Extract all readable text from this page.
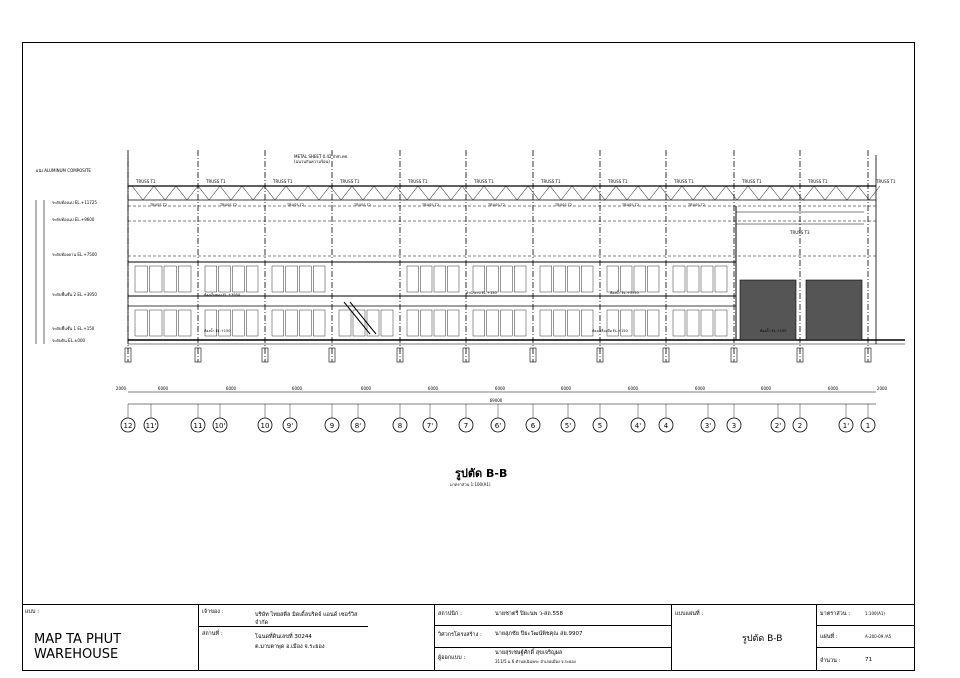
TRUSS T1	TRUSS T1	TRUSS T1	TRUSS T1	TRUSS T1	TRUSS T1	TRUSS T1	TRUSS T1	TRUSS T1	TRUSS T1	TRUSS T1	TRUSS T1
TRUSS T2	TRUSS T2	TRUSS T2	TRUSS T2	TRUSS T2	TRUSS T2	TRUSS T2	TRUSS T2	TRUSS T2
12 11'	11 10'	10 9'	9	8'	8	7'	7	6'	6	5'	5	4'	4	3'	3	2' 2	1' 1
METAL SHEET 0.42 mm.ทช.
(ฉนวนกันความร้อน)
ผนัง ALUMINUM COMPOSITE
TRUSS T3
ระดับท้องแป EL.+11725
ระดับท้องแป EL.+9600
ระดับท้องคาน EL.+7500
ระดับพื้นชั้น 2 EL.+3950
ระดับพื้นชั้น 1 EL.+150
ระดับดิน EL.±000
ห้องเก็บของ EL.+3950
ห้องน้ำ EL.+150
สำนักงาน EL.+150	ห้องน้ำ EL.+3950
ห้องเครื่องมือ EL.+150	ห้องน้ำ EL.+150
2000	6000	6000	6000	6000	6000	6000	6000	6000	6000	6000	6000	2000
69000
รูปตัด B-B
มาตราส่วน 1:100(A1)
แบบ :
MAP TA PHUT WAREHOUSE
เจ้าของ :	บริษัท ไทยสตีล มิดเดิ้ลบริดจ์ แอนด์ เซอร์วิส จำกัด
สถานที่ :	โฉนดที่ดินเลขที่ 30244
ต.มาบตาพุด อ.เมือง จ.ระยอง
สถาปนิก :	นายชาตรี ปิยะนพ ว-สถ.558
วิศวกรโครงสร้าง : นายสุภชัย ปิยะวัฒน์พิชคุณ สย.9907
ผู้ออกแบบ :
นายสุรเชษฐ์ศักดิ์ สุขเจริญผล
311/5 ม.6 ตำบลเนินพระ อำเภอเมือง จ.ระยอง
แบบแผ่นที่ :
รูปตัด B-B
มาตราส่วน :	1:100(A1)
แผ่นที่ :	A-200-09 /A5
จำนวน :	71
